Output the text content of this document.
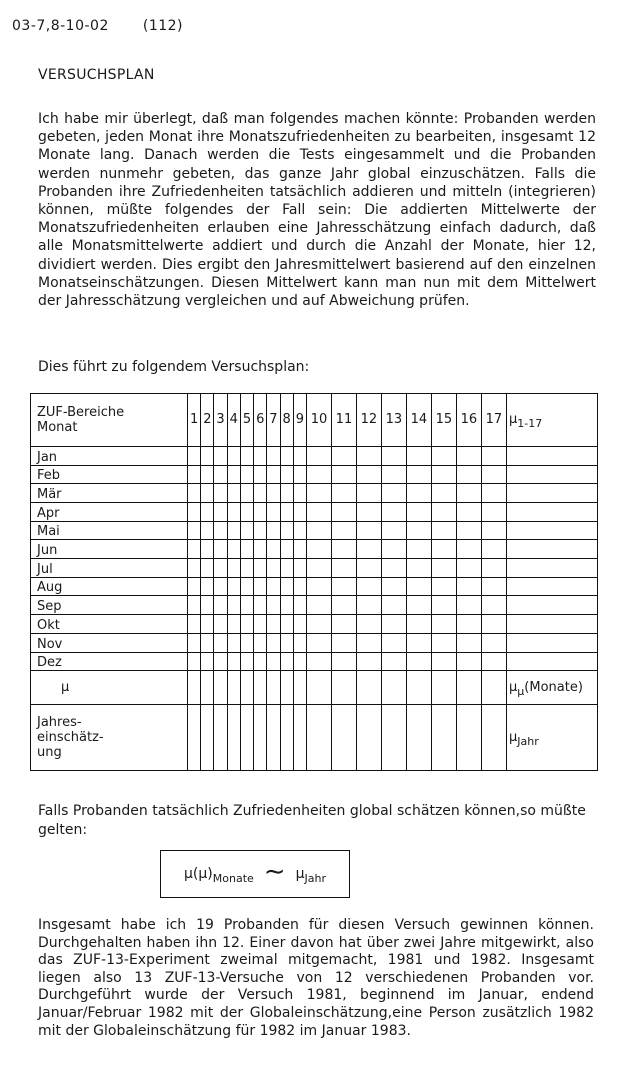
03-7,8-10-02 (112)
VERSUCHSPLAN

Ich habe mir überlegt, daß man folgendes machen könnte: Probanden werden gebeten, jeden Monat ihre Monatszufriedenheiten zu bearbeiten, insgesamt 12 Monate lang. Danach werden die Tests eingesammelt und die Probanden werden nunmehr gebeten, das ganze Jahr global einzuschätzen. Falls die Probanden ihre Zufriedenheiten tatsächlich addieren und mitteln (integrieren) können, müßte folgendes der Fall sein: Die addierten Mittelwerte der Monatszufriedenheiten erlauben eine Jahresschätzung einfach dadurch, daß alle Monatsmittelwerte addiert und durch die Anzahl der Monate, hier 12, dividiert werden. Dies ergibt den Jahresmittelwert basierend auf den einzelnen Monatseinschätzungen. Diesen Mittelwert kann man nun mit dem Mittelwert der Jahresschätzung vergleichen und auf Abweichung prüfen.

Dies führt zu folgendem Versuchsplan:
ZUF-Bereiche
Monat	1	2	3	4	5	6	7	8	9	10	11	12	13	14	15	16	17	$\mu_{1-17}$
Jan																		
Feb																		
Mär																		
Apr																		
Mai																		
Jun																		
Jul																		
Aug																		
Sep																		
Okt																		
Nov																		
Dez																		
μ																		$\mu_\mu(Monate)$

Jahres-
einschätz-
ung																		$\mu_{Jahr}$

Falls Probanden tatsächlich Zufriedenheiten global schätzen können,so müßte gelten:

μ(μ) Monate ∼ μ Jahr

Insgesamt habe ich 19 Probanden für diesen Versuch gewinnen können. Durchgehalten haben ihn 12. Einer davon hat über zwei Jahre mitgewirkt, also das ZUF-13-Experiment zweimal mitgemacht, 1981 und 1982. Insgesamt liegen also 13 ZUF-13-Versuche von 12 verschiedenen Probanden vor. Durchgeführt wurde der Versuch 1981, beginnend im Januar, endend Januar/Februar 1982 mit der Globaleinschätzung,eine Person zusätzlich 1982 mit der Globaleinschätzung für 1982 im Januar 1983.
